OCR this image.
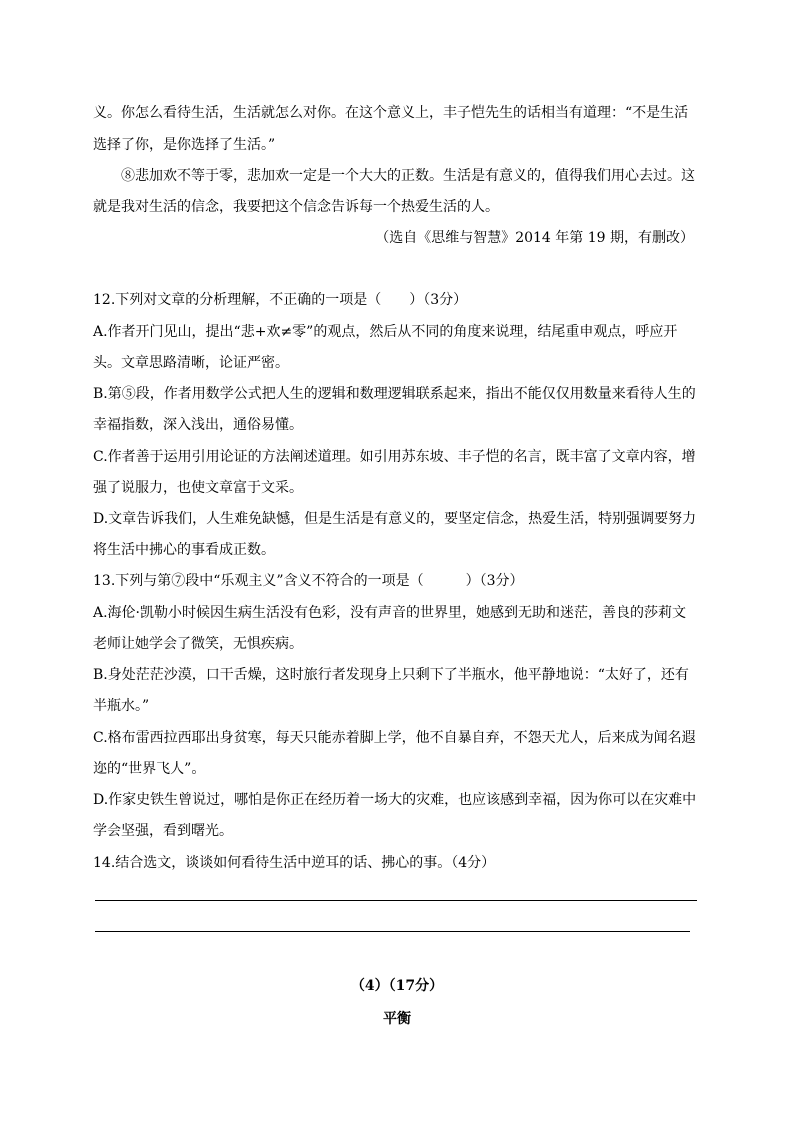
义。你怎么看待生活，生活就怎么对你。在这个意义上，丰子恺先生的话相当有道理：“不是生活
选择了你，是你选择了生活。”
⑧悲加欢不等于零，悲加欢一定是一个大大的正数。生活是有意义的，值得我们用心去过。这
就是我对生活的信念，我要把这个信念告诉每一个热爱生活的人。
（选自《思维与智慧》2014 年第 19 期，有删改）
12.下列对文章的分析理解，不正确的一项是（　　）（3分）
A.作者开门见山，提出“悲+欢≠零”的观点，然后从不同的角度来说理，结尾重申观点，呼应开
头。文章思路清晰，论证严密。
B.第⑤段，作者用数学公式把人生的逻辑和数理逻辑联系起来，指出不能仅仅用数量来看待人生的
幸福指数，深入浅出，通俗易懂。
C.作者善于运用引用论证的方法阐述道理。如引用苏东坡、丰子恺的名言，既丰富了文章内容，增
强了说服力，也使文章富于文采。
D.文章告诉我们，人生难免缺憾，但是生活是有意义的，要坚定信念，热爱生活，特别强调要努力
将生活中拂心的事看成正数。
13.下列与第⑦段中“乐观主义”含义不符合的一项是（　　　）（3分）
A.海伦·凯勒小时候因生病生活没有色彩，没有声音的世界里，她感到无助和迷茫，善良的莎莉文
老师让她学会了微笑，无惧疾病。
B.身处茫茫沙漠，口干舌燥，这时旅行者发现身上只剩下了半瓶水，他平静地说：“太好了，还有
半瓶水。”
C.格布雷西拉西耶出身贫寒，每天只能赤着脚上学，他不自暴自弃，不怨天尤人，后来成为闻名遐
迩的“世界飞人”。
D.作家史铁生曾说过，哪怕是你正在经历着一场大的灾难，也应该感到幸福，因为你可以在灾难中
学会坚强，看到曙光。
14.结合选文，谈谈如何看待生活中逆耳的话、拂心的事。（4分）
（4）（17分）
平衡
